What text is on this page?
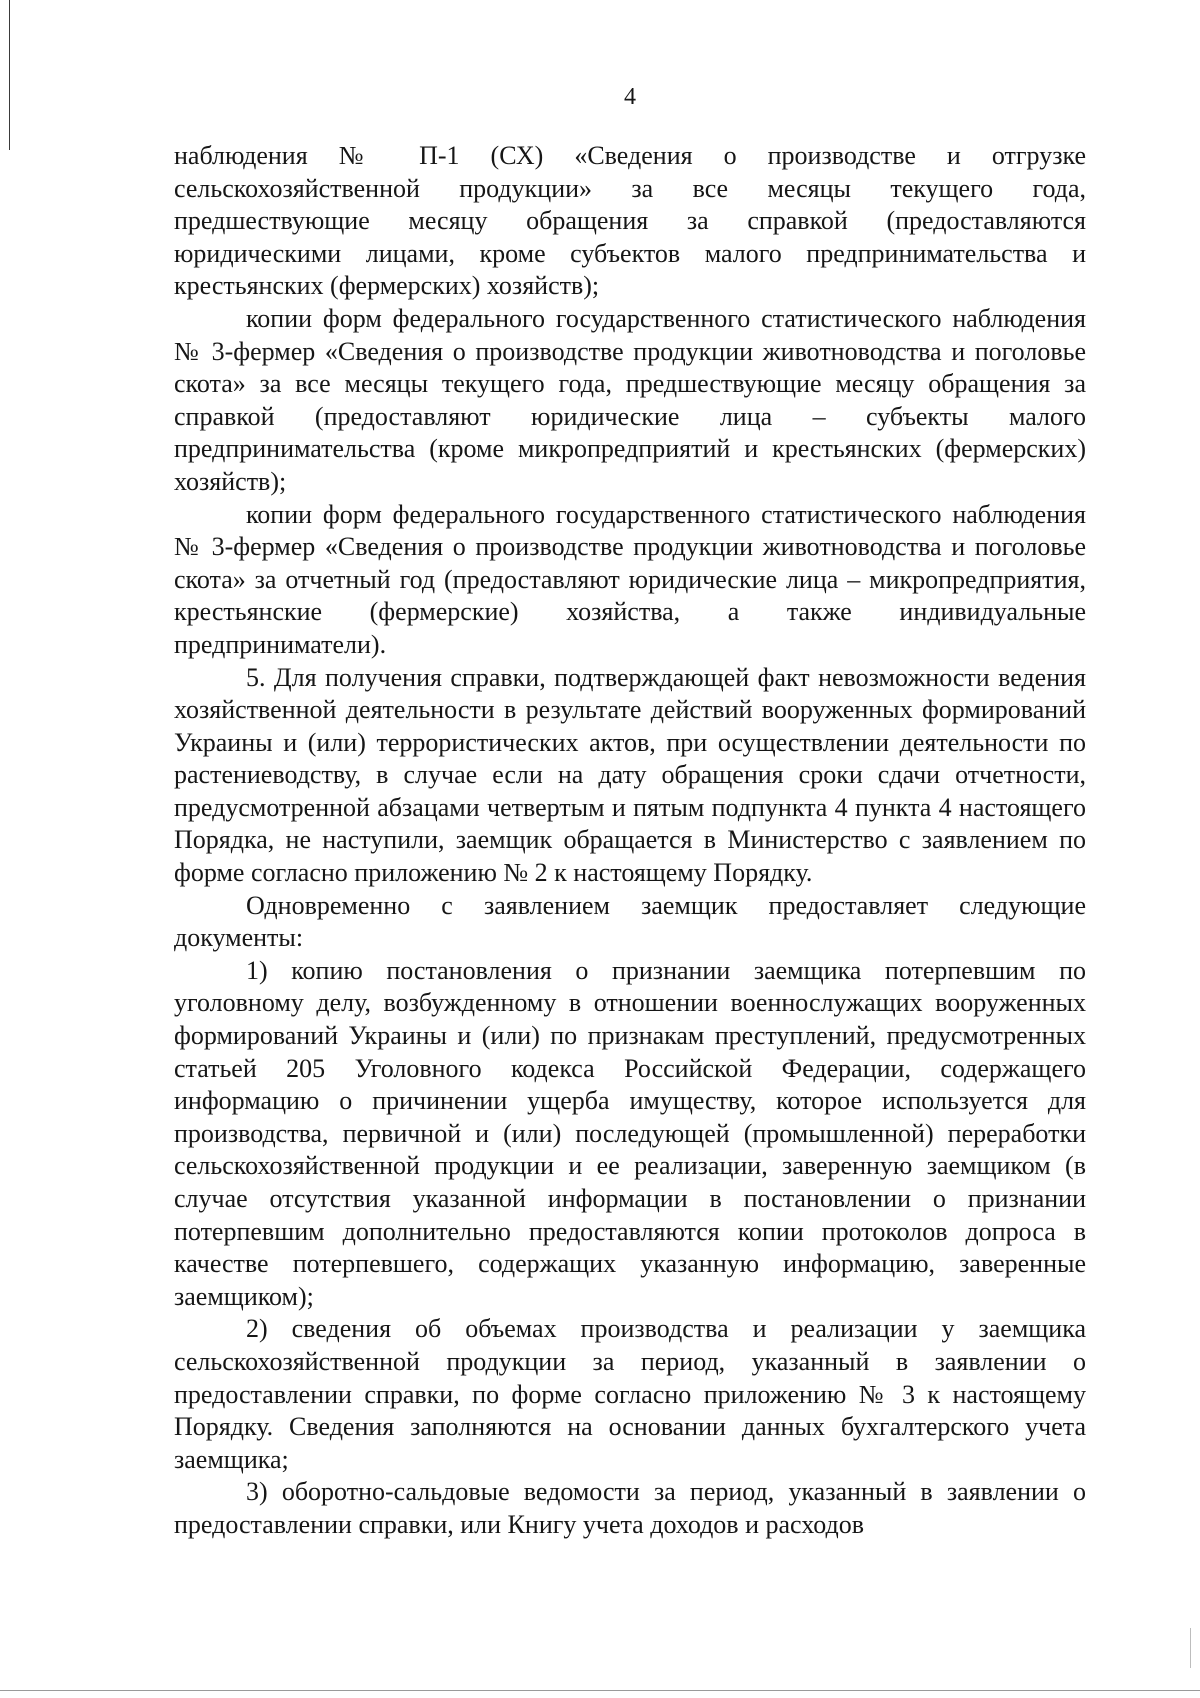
4

наблюдения № П-1 (СХ) «Сведения о производстве и отгрузке сельскохозяйственной продукции» за все месяцы текущего года, предшествующие месяцу обращения за справкой (предоставляются юридическими лицами, кроме субъектов малого предпринимательства и крестьянских (фермерских) хозяйств);

копии форм федерального государственного статистического наблюдения № 3-фермер «Сведения о производстве продукции животноводства и поголовье скота» за все месяцы текущего года, предшествующие месяцу обращения за справкой (предоставляют юридические лица – субъекты малого предпринимательства (кроме микропредприятий и крестьянских (фермерских) хозяйств);

копии форм федерального государственного статистического наблюдения № 3-фермер «Сведения о производстве продукции животноводства и поголовье скота» за отчетный год (предоставляют юридические лица – микропредприятия, крестьянские (фермерские) хозяйства, а также индивидуальные предприниматели).

5. Для получения справки, подтверждающей факт невозможности ведения хозяйственной деятельности в результате действий вооруженных формирований Украины и (или) террористических актов, при осуществлении деятельности по растениеводству, в случае если на дату обращения сроки сдачи отчетности, предусмотренной абзацами четвертым и пятым подпункта 4 пункта 4 настоящего Порядка, не наступили, заемщик обращается в Министерство с заявлением по форме согласно приложению № 2 к настоящему Порядку.

Одновременно с заявлением заемщик предоставляет следующие документы:

1) копию постановления о признании заемщика потерпевшим по уголовному делу, возбужденному в отношении военнослужащих вооруженных формирований Украины и (или) по признакам преступлений, предусмотренных статьей 205 Уголовного кодекса Российской Федерации, содержащего информацию о причинении ущерба имуществу, которое используется для производства, первичной и (или) последующей (промышленной) переработки сельскохозяйственной продукции и ее реализации, заверенную заемщиком (в случае отсутствия указанной информации в постановлении о признании потерпевшим дополнительно предоставляются копии протоколов допроса в качестве потерпевшего, содержащих указанную информацию, заверенные заемщиком);

2) сведения об объемах производства и реализации у заемщика сельскохозяйственной продукции за период, указанный в заявлении о предоставлении справки, по форме согласно приложению № 3 к настоящему Порядку. Сведения заполняются на основании данных бухгалтерского учета заемщика;

3) оборотно-сальдовые ведомости за период, указанный в заявлении о предоставлении справки, или Книгу учета доходов и расходов
